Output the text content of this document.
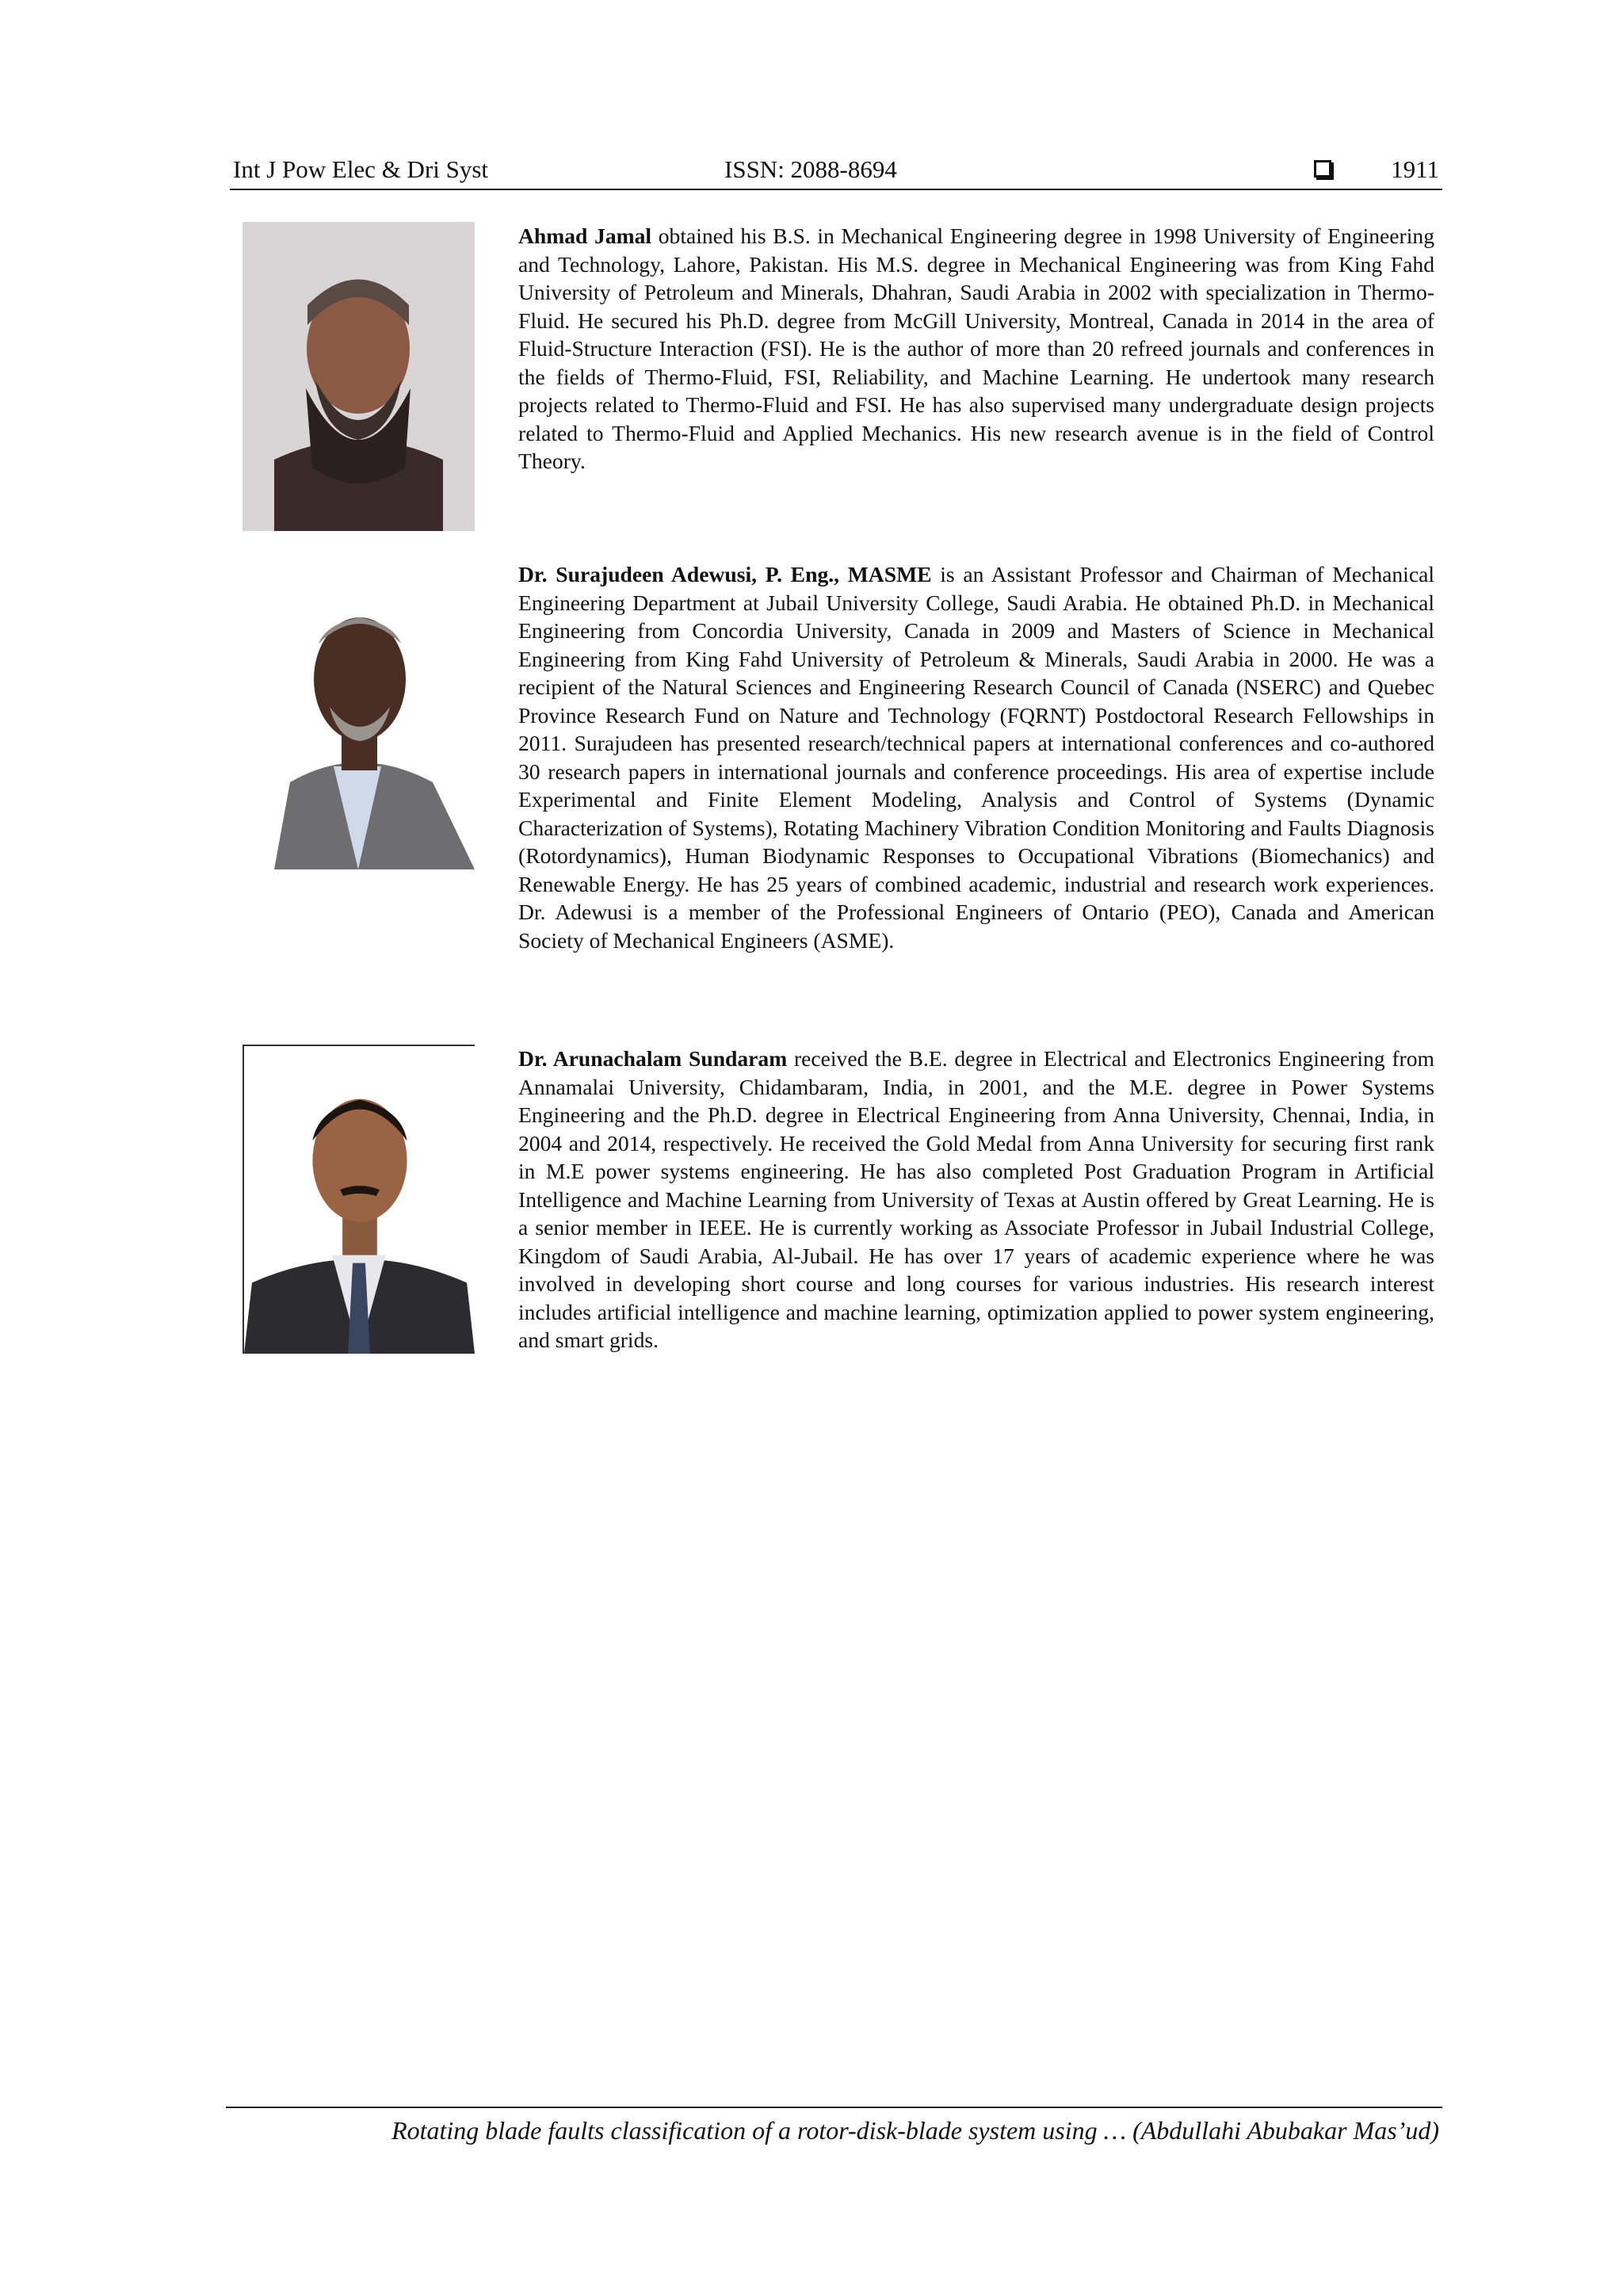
Int J Pow Elec & Dri Syst	ISSN: 2088-8694	1911
Ahmad Jamal obtained his B.S. in Mechanical Engineering degree in 1998 University of Engineering and Technology, Lahore, Pakistan. His M.S. degree in Mechanical Engineering was from King Fahd University of Petroleum and Minerals, Dhahran, Saudi Arabia in 2002 with specialization in Thermo-Fluid. He secured his Ph.D. degree from McGill University, Montreal, Canada in 2014 in the area of Fluid-Structure Interaction (FSI). He is the author of more than 20 refreed journals and conferences in the fields of Thermo-Fluid, FSI, Reliability, and Machine Learning. He undertook many research projects related to Thermo-Fluid and FSI. He has also supervised many undergraduate design projects related to Thermo-Fluid and Applied Mechanics. His new research avenue is in the field of Control Theory.
Dr. Surajudeen Adewusi, P. Eng., MASME is an Assistant Professor and Chairman of Mechanical Engineering Department at Jubail University College, Saudi Arabia. He obtained Ph.D. in Mechanical Engineering from Concordia University, Canada in 2009 and Masters of Science in Mechanical Engineering from King Fahd University of Petroleum & Minerals, Saudi Arabia in 2000. He was a recipient of the Natural Sciences and Engineering Research Council of Canada (NSERC) and Quebec Province Research Fund on Nature and Technology (FQRNT) Postdoctoral Research Fellowships in 2011. Surajudeen has presented research/technical papers at international conferences and co-authored 30 research papers in international journals and conference proceedings. His area of expertise include Experimental and Finite Element Modeling, Analysis and Control of Systems (Dynamic Characterization of Systems), Rotating Machinery Vibration Condition Monitoring and Faults Diagnosis (Rotordynamics), Human Biodynamic Responses to Occupational Vibrations (Biomechanics) and Renewable Energy. He has 25 years of combined academic, industrial and research work experiences. Dr. Adewusi is a member of the Professional Engineers of Ontario (PEO), Canada and American Society of Mechanical Engineers (ASME).
Dr. Arunachalam Sundaram received the B.E. degree in Electrical and Electronics Engineering from Annamalai University, Chidambaram, India, in 2001, and the M.E. degree in Power Systems Engineering and the Ph.D. degree in Electrical Engineering from Anna University, Chennai, India, in 2004 and 2014, respectively. He received the Gold Medal from Anna University for securing first rank in M.E power systems engineering. He has also completed Post Graduation Program in Artificial Intelligence and Machine Learning from University of Texas at Austin offered by Great Learning. He is a senior member in IEEE. He is currently working as Associate Professor in Jubail Industrial College, Kingdom of Saudi Arabia, Al-Jubail. He has over 17 years of academic experience where he was involved in developing short course and long courses for various industries. His research interest includes artificial intelligence and machine learning, optimization applied to power system engineering, and smart grids.
Rotating blade faults classification of a rotor-disk-blade system using … (Abdullahi Abubakar Mas’ud)
